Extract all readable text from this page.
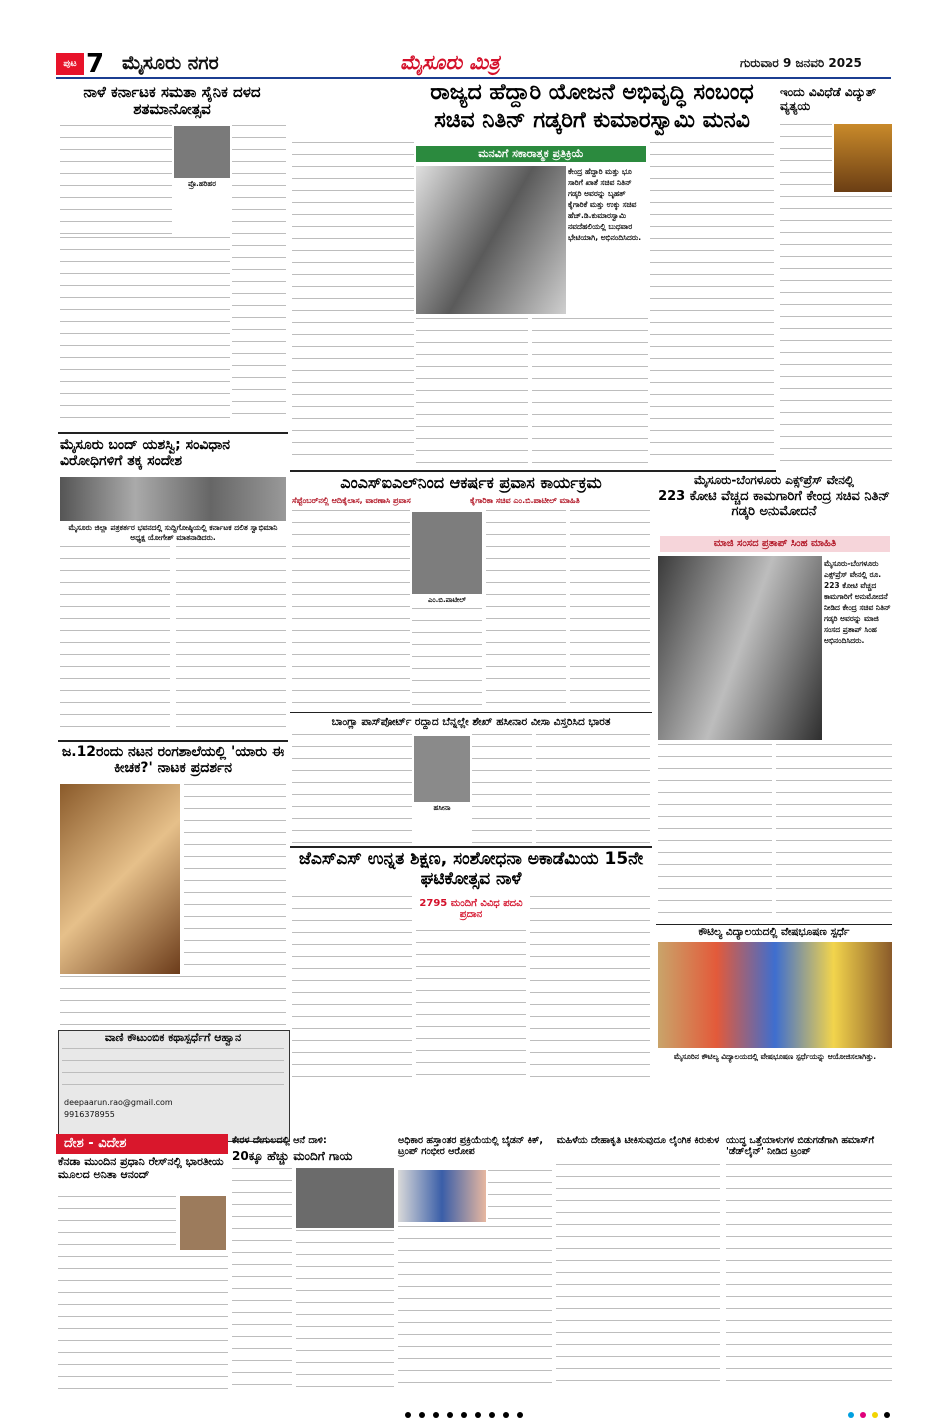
ಪುಟ 7 ಮೈಸೂರು ನಗರ	ಮೈಸೂರು ಮಿತ್ರ	ಗುರುವಾರ 9 ಜನವರಿ 2025
ನಾಳೆ ಕರ್ನಾಟಕ ಸಮತಾ ಸೈನಿಕ ದಳದ ಶತಮಾನೋತ್ಸವ
ಪ್ರೊ.ಹರಿಹರ
ಮೈಸೂರು ಬಂದ್ ಯಶಸ್ವಿ; ಸಂವಿಧಾನ ವಿರೋಧಿಗಳಿಗೆ ತಕ್ಕ ಸಂದೇಶ
ಮೈಸೂರು ಜಿಲ್ಲಾ ಪತ್ರಕರ್ತರ ಭವನದಲ್ಲಿ ಸುದ್ದಿಗೋಷ್ಠಿಯಲ್ಲಿ ಕರ್ನಾಟಕ ದಲಿತ ಸ್ವಾಭಿಮಾನಿ ಅಧ್ಯಕ್ಷ ಯೋಗೇಶ್ ಮಾತನಾಡಿದರು.
ಜ.12ರಂದು ನಟನ ರಂಗಶಾಲೆಯಲ್ಲಿ 'ಯಾರು ಈ ಕೀಚಕ?' ನಾಟಕ ಪ್ರದರ್ಶನ
ವಾಣಿ ಕೌಟುಂಬಿಕ ಕಥಾಸ್ಪರ್ಧೆಗೆ ಆಹ್ವಾನ
deepaarun.rao@gmail.com
9916378955
ರಾಜ್ಯದ ಹೆದ್ದಾರಿ ಯೋಜನೆ ಅಭಿವೃದ್ಧಿ ಸಂಬಂಧ
ಸಚಿವ ನಿತಿನ್ ಗಡ್ಕರಿಗೆ ಕುಮಾರಸ್ವಾಮಿ ಮನವಿ
ಮನವಿಗೆ ಸಕಾರಾತ್ಮಕ ಪ್ರತಿಕ್ರಿಯೆ
ಕೇಂದ್ರ ಹೆದ್ದಾರಿ ಮತ್ತು ಭೂ ಸಾರಿಗೆ ಖಾತೆ ಸಚಿವ ನಿತಿನ್ ಗಡ್ಕರಿ ಅವರನ್ನು ಬೃಹತ್ ಕೈಗಾರಿಕೆ ಮತ್ತು ಉಕ್ಕು ಸಚಿವ ಹೆಚ್.ಡಿ.ಕುಮಾರಸ್ವಾಮಿ ನವದೆಹಲಿಯಲ್ಲಿ ಬುಧವಾರ ಭೇಟಿಯಾಗಿ, ಅಭಿನಂದಿಸಿದರು.
ಇಂದು ವಿವಿಧೆಡೆ ವಿದ್ಯುತ್ ವ್ಯತ್ಯಯ
ಎಂಎಸ್‌ಐಎಲ್‌ನಿಂದ ಆಕರ್ಷಕ ಪ್ರವಾಸ ಕಾರ್ಯಕ್ರಮ
ಸೆಪ್ಟೆಂಬರ್‌ನಲ್ಲಿ ಆದಿಕೈಲಾಸ, ವಾರಣಾಸಿ ಪ್ರವಾಸ	ಕೈಗಾರಿಕಾ ಸಚಿವ ಎಂ.ಬಿ.ಪಾಟೀಲ್ ಮಾಹಿತಿ
ಎಂ.ಬಿ.ಪಾಟೀಲ್
ಮೈಸೂರು-ಬೆಂಗಳೂರು ಎಕ್ಸ್‌ಪ್ರೆಸ್ ವೇನಲ್ಲಿ
223 ಕೋಟಿ ವೆಚ್ಚದ ಕಾಮಗಾರಿಗೆ ಕೇಂದ್ರ ಸಚಿವ ನಿತಿನ್ ಗಡ್ಕರಿ ಅನುಮೋದನೆ
ಮಾಜಿ ಸಂಸದ ಪ್ರತಾಪ್ ಸಿಂಹ ಮಾಹಿತಿ
ಮೈಸೂರು-ಬೆಂಗಳೂರು ಎಕ್ಸ್‌ಪ್ರೆಸ್ ವೇನಲ್ಲಿ ರೂ. 223 ಕೋಟಿ ವೆಚ್ಚದ ಕಾಮಗಾರಿಗೆ ಅನುಮೋದನೆ ನೀಡಿದ ಕೇಂದ್ರ ಸಚಿವ ನಿತಿನ್ ಗಡ್ಕರಿ ಅವರನ್ನು ಮಾಜಿ ಸಂಸದ ಪ್ರತಾಪ್ ಸಿಂಹ ಅಭಿನಂದಿಸಿದರು.
ಬಾಂಗ್ಲಾ ಪಾಸ್‌ಪೋರ್ಟ್ ರದ್ದಾದ ಬೆನ್ನಲ್ಲೇ ಶೇಖ್ ಹಸೀನಾರ ವೀಸಾ ವಿಸ್ತರಿಸಿದ ಭಾರತ
ಹಸೀನಾ
ಜೆಎಸ್‌ಎಸ್ ಉನ್ನತ ಶಿಕ್ಷಣ, ಸಂಶೋಧನಾ ಅಕಾಡೆಮಿಯ 15ನೇ ಘಟಿಕೋತ್ಸವ ನಾಳೆ
2795 ಮಂದಿಗೆ ವಿವಿಧ ಪದವಿ ಪ್ರದಾನ
ಕೌಟಿಲ್ಯ ವಿದ್ಯಾಲಯದಲ್ಲಿ ವೇಷಭೂಷಣ ಸ್ಪರ್ಧೆ
ಮೈಸೂರಿನ ಕೌಟಿಲ್ಯ ವಿದ್ಯಾಲಯದಲ್ಲಿ ವೇಷಭೂಷಣ ಸ್ಪರ್ಧೆಯನ್ನು ಆಯೋಜಿಸಲಾಗಿತ್ತು.
ದೇಶ - ವಿದೇಶ
ಕೆನಡಾ ಮುಂದಿನ ಪ್ರಧಾನಿ ರೇಸ್‌ನಲ್ಲಿ ಭಾರತೀಯ ಮೂಲದ ಅನಿತಾ ಆನಂದ್
ಕೇರಳ ದೇಗುಲದಲ್ಲಿ ಆನೆ ದಾಳಿ:
20ಕ್ಕೂ ಹೆಚ್ಚು ಮಂದಿಗೆ ಗಾಯ
ಅಧಿಕಾರ ಹಸ್ತಾಂತರ ಪ್ರಕ್ರಿಯೆಯಲ್ಲಿ ಬೈಡನ್ ಕಿಕ್, ಟ್ರಂಪ್ ಗಂಭೀರ ಆರೋಪ
ಮಹಿಳೆಯ ದೇಹಾಕೃತಿ ಟೀಕಿಸುವುದೂ ಲೈಂಗಿಕ ಕಿರುಕುಳ ಯುದ್ಧ ಒತ್ತೆಯಾಳುಗಳ ಬಿಡುಗಡೆಗಾಗಿ ಹಮಾಸ್‌ಗೆ 'ಡೆಡ್‌ಲೈನ್' ನೀಡಿದ ಟ್ರಂಪ್
